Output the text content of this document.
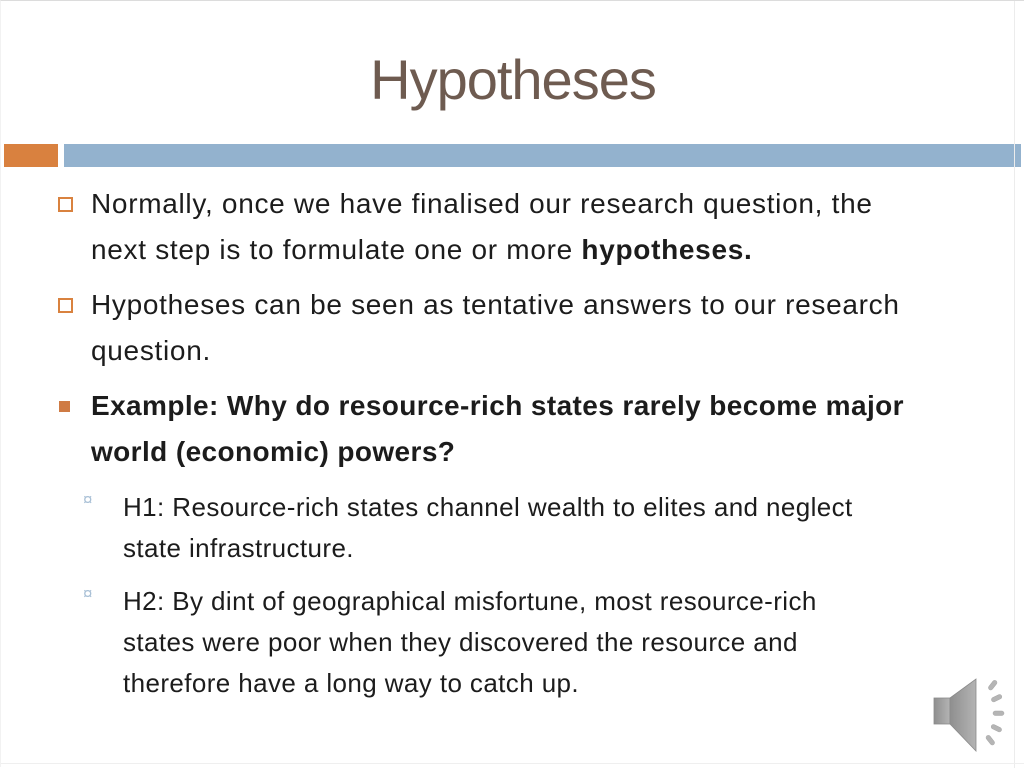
Hypotheses
Normally, once we have finalised our research question, the
next step is to formulate one or more hypotheses.
Hypotheses can be seen as tentative answers to our research
question.
Example: Why do resource-rich states rarely become major
world (economic) powers?
¤ H1: Resource-rich states channel wealth to elites and neglect
state infrastructure.
¤ H2: By dint of geographical misfortune, most resource-rich
states were poor when they discovered the resource and
therefore have a long way to catch up.
